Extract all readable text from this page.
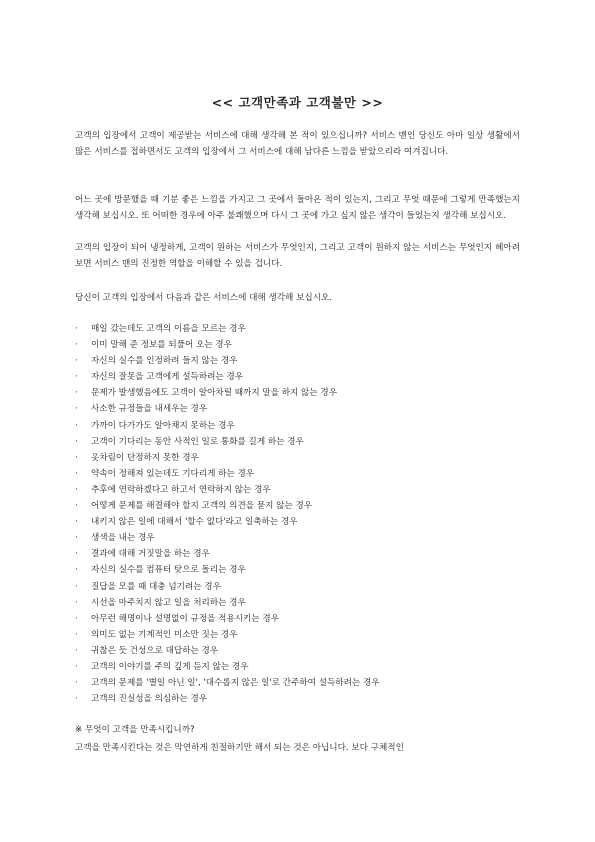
<< 고객만족과 고객불만 >>

고객의 입장에서 고객이 제공받는 서비스에 대해 생각해 본 적이 있으십니까? 서비스 맨인 당신도 아마 일상 생활에서 많은 서비스를 접하면서도 고객의 입장에서 그 서비스에 대해 남다른 느낌을 받았으리라 여겨집니다.

어느 곳에 방문했을 때 기분 좋은 느낌을 가지고 그 곳에서 돌아온 적이 있는지, 그리고 무엇 때문에 그렇게 만족했는지 생각해 보십시오. 또 어떠한 경우에 아주 불쾌했으며 다시 그 곳에 가고 싶지 않은 생각이 들었는지 생각해 보십시오.

고객의 입장이 되어 냉정하게, 고객이 원하는 서비스가 무엇인지, 그리고 고객이 원하지 않는 서비스는 무엇인지 헤아려 보면 서비스 맨의 진정한 역할을 이해할 수 있을 겁니다.

당신이 고객의 입장에서 다음과 같은 서비스에 대해 생각해 보십시오.

· 매일 갔는데도 고객의 이름을 모르는 경우
· 이미 말해 준 정보를 되풀어 오는 경우
· 자신의 실수를 인정하려 들지 않는 경우
· 자신의 잘못을 고객에게 설득하려는 경우
· 문제가 발생했음에도 고객이 알아차릴 때까지 말을 하지 않는 경우
· 사소한 규정들을 내세우는 경우
· 가까이 다가가도 알아채지 못하는 경우
· 고객이 기다리는 동안 사적인 일로 통화를 길게 하는 경우
· 옷차림이 단정하지 못한 경우
· 약속이 정해져 있는데도 기다리게 하는 경우
· 추후에 연락하겠다고 하고서 연락하지 않는 경우
· 어떻게 문제를 해결해야 할지 고객의 의견을 묻지 않는 경우
· 내키지 않은 일에 대해서 '할수 없다'라고 일축하는 경우
· 생색을 내는 경우
· 결과에 대해 거짓말을 하는 경우
· 자신의 실수를 컴퓨터 탓으로 돌리는 경우
· 질답을 모를 때 대충 넘기려는 경우
· 시선을 마주치지 않고 일을 처리하는 경우
· 아무런 해명이나 설명없이 규정을 적용시키는 경우
· 의미도 없는 기계적인 미소만 짓는 경우
· 귀찮은 듯 건성으로 대답하는 경우
· 고객의 이야기를 주의 깊게 듣지 않는 경우
· 고객의 문제를 '별일 아닌 일', '대수롭지 않은 일'로 간주하여 설득하려는 경우
· 고객의 진실성을 의심하는 경우

※ 무엇이 고객을 만족시킵니까?

고객을 만족시킨다는 것은 막연하게 친절하기만 해서 되는 것은 아닙니다. 보다 구체적인
